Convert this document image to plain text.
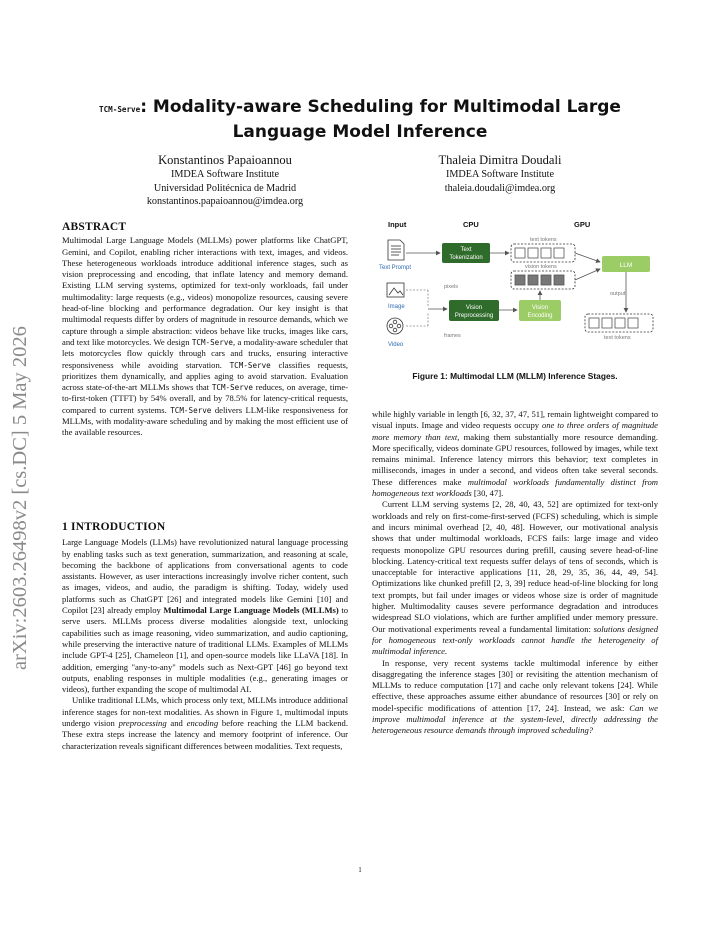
arXiv:2603.26498v2 [cs.DC] 5 May 2026
TCM-Serve: Modality-aware Scheduling for Multimodal Large
Language Model Inference
Konstantinos Papaioannou
IMDEA Software Institute
Universidad Politécnica de Madrid
konstantinos.papaioannou@imdea.org
Thaleia Dimitra Doudali
IMDEA Software Institute
thaleia.doudali@imdea.org
ABSTRACT

Multimodal Large Language Models (MLLMs) power platforms like ChatGPT, Gemini, and Copilot, enabling richer interactions with text, images, and videos. These heterogeneous workloads introduce additional inference stages, such as vision preprocessing and encoding, that inflate latency and memory demand. Existing LLM serving systems, optimized for text-only workloads, fail under multimodality: large requests (e.g., videos) monopolize resources, causing severe head-of-line blocking and performance degradation. Our key insight is that multimodal requests differ by orders of magnitude in resource demands, which we capture through a simple abstraction: videos behave like trucks, images like cars, and text like motorcycles. We design TCM-Serve, a modality-aware scheduler that lets motorcycles flow quickly through cars and trucks, ensuring interactive responsiveness while avoiding starvation. TCM-Serve classifies requests, prioritizes them dynamically, and applies aging to avoid starvation. Evaluation across state-of-the-art MLLMs shows that TCM-Serve reduces, on average, time-to-first-token (TTFT) by 54% overall, and by 78.5% for latency-critical requests, compared to current systems. TCM-Serve delivers LLM-like responsiveness for MLLMs, with modality-aware scheduling and by making the most efficient use of the available resources.

1 INTRODUCTION

Large Language Models (LLMs) have revolutionized natural language processing by enabling tasks such as text generation, summarization, and reasoning at scale, becoming the backbone of applications from conversational agents to code assistants. However, as user interactions increasingly involve richer content, such as images, videos, and audio, the paradigm is shifting. Today, widely used platforms such as ChatGPT [26] and integrated models like Gemini [10] and Copilot [23] already employ Multimodal Large Language Models (MLLMs) to serve users. MLLMs process diverse modalities alongside text, unlocking capabilities such as image reasoning, video summarization, and audio captioning, while preserving the interactive nature of traditional LLMs. Examples of MLLMs include GPT-4 [25], Chameleon [1], and open-source models like LLaVA [18]. In addition, emerging "any-to-any" models such as Next-GPT [46] go beyond text outputs, enabling responses in multiple modalities (e.g., generating images or videos), further expanding the scope of multimodal AI.

Unlike traditional LLMs, which process only text, MLLMs introduce additional inference stages for non-text modalities. As shown in Figure 1, multimodal inputs undergo vision preprocessing and encoding before reaching the LLM backend. These extra steps increase the latency and memory footprint of inference. Our characterization reveals significant differences between modalities. Text requests,

Input	CPU	GPU
Text Prompt
Image
Video
pixels
frames
Text
Tokenization
Vision
Preprocessing
Vision
Encoding
text tokens
vision tokens	LLM
output
text tokens
Figure 1: Multimodal LLM (MLLM) Inference Stages.

while highly variable in length [6, 32, 37, 47, 51], remain lightweight compared to visual inputs. Image and video requests occupy one to three orders of magnitude more memory than text, making them substantially more resource demanding. More specifically, videos dominate GPU resources, followed by images, while text remains minimal. Inference latency mirrors this behavior; text completes in milliseconds, images in under a second, and videos often take several seconds. These differences make multimodal workloads fundamentally distinct from homogeneous text workloads [30, 47].

Current LLM serving systems [2, 28, 40, 43, 52] are optimized for text-only workloads and rely on first-come-first-served (FCFS) scheduling, which is simple and incurs minimal overhead [2, 40, 48]. However, our motivational analysis shows that under multimodal workloads, FCFS fails: large image and video requests monopolize GPU resources during prefill, causing severe head-of-line blocking. Latency-critical text requests suffer delays of tens of seconds, which is unacceptable for interactive applications [11, 28, 29, 35, 36, 44, 49, 54]. Optimizations like chunked prefill [2, 3, 39] reduce head-of-line blocking for long text prompts, but fail under images or videos whose size is order of magnitude higher. Multimodality causes severe performance degradation and introduces widespread SLO violations, which are further amplified under memory pressure. Our motivational experiments reveal a fundamental limitation: solutions designed for homogeneous text-only workloads cannot handle the heterogeneity of multimodal inference.

In response, very recent systems tackle multimodal inference by either disaggregating the inference stages [30] or revisiting the attention mechanism of MLLMs to reduce computation [17] and cache only relevant tokens [24]. While effective, these approaches assume either abundance of resources [30] or rely on model-specific modifications of attention [17, 24]. Instead, we ask: Can we improve multimodal inference at the system-level, directly addressing the heterogeneous resource demands through improved scheduling?

1
